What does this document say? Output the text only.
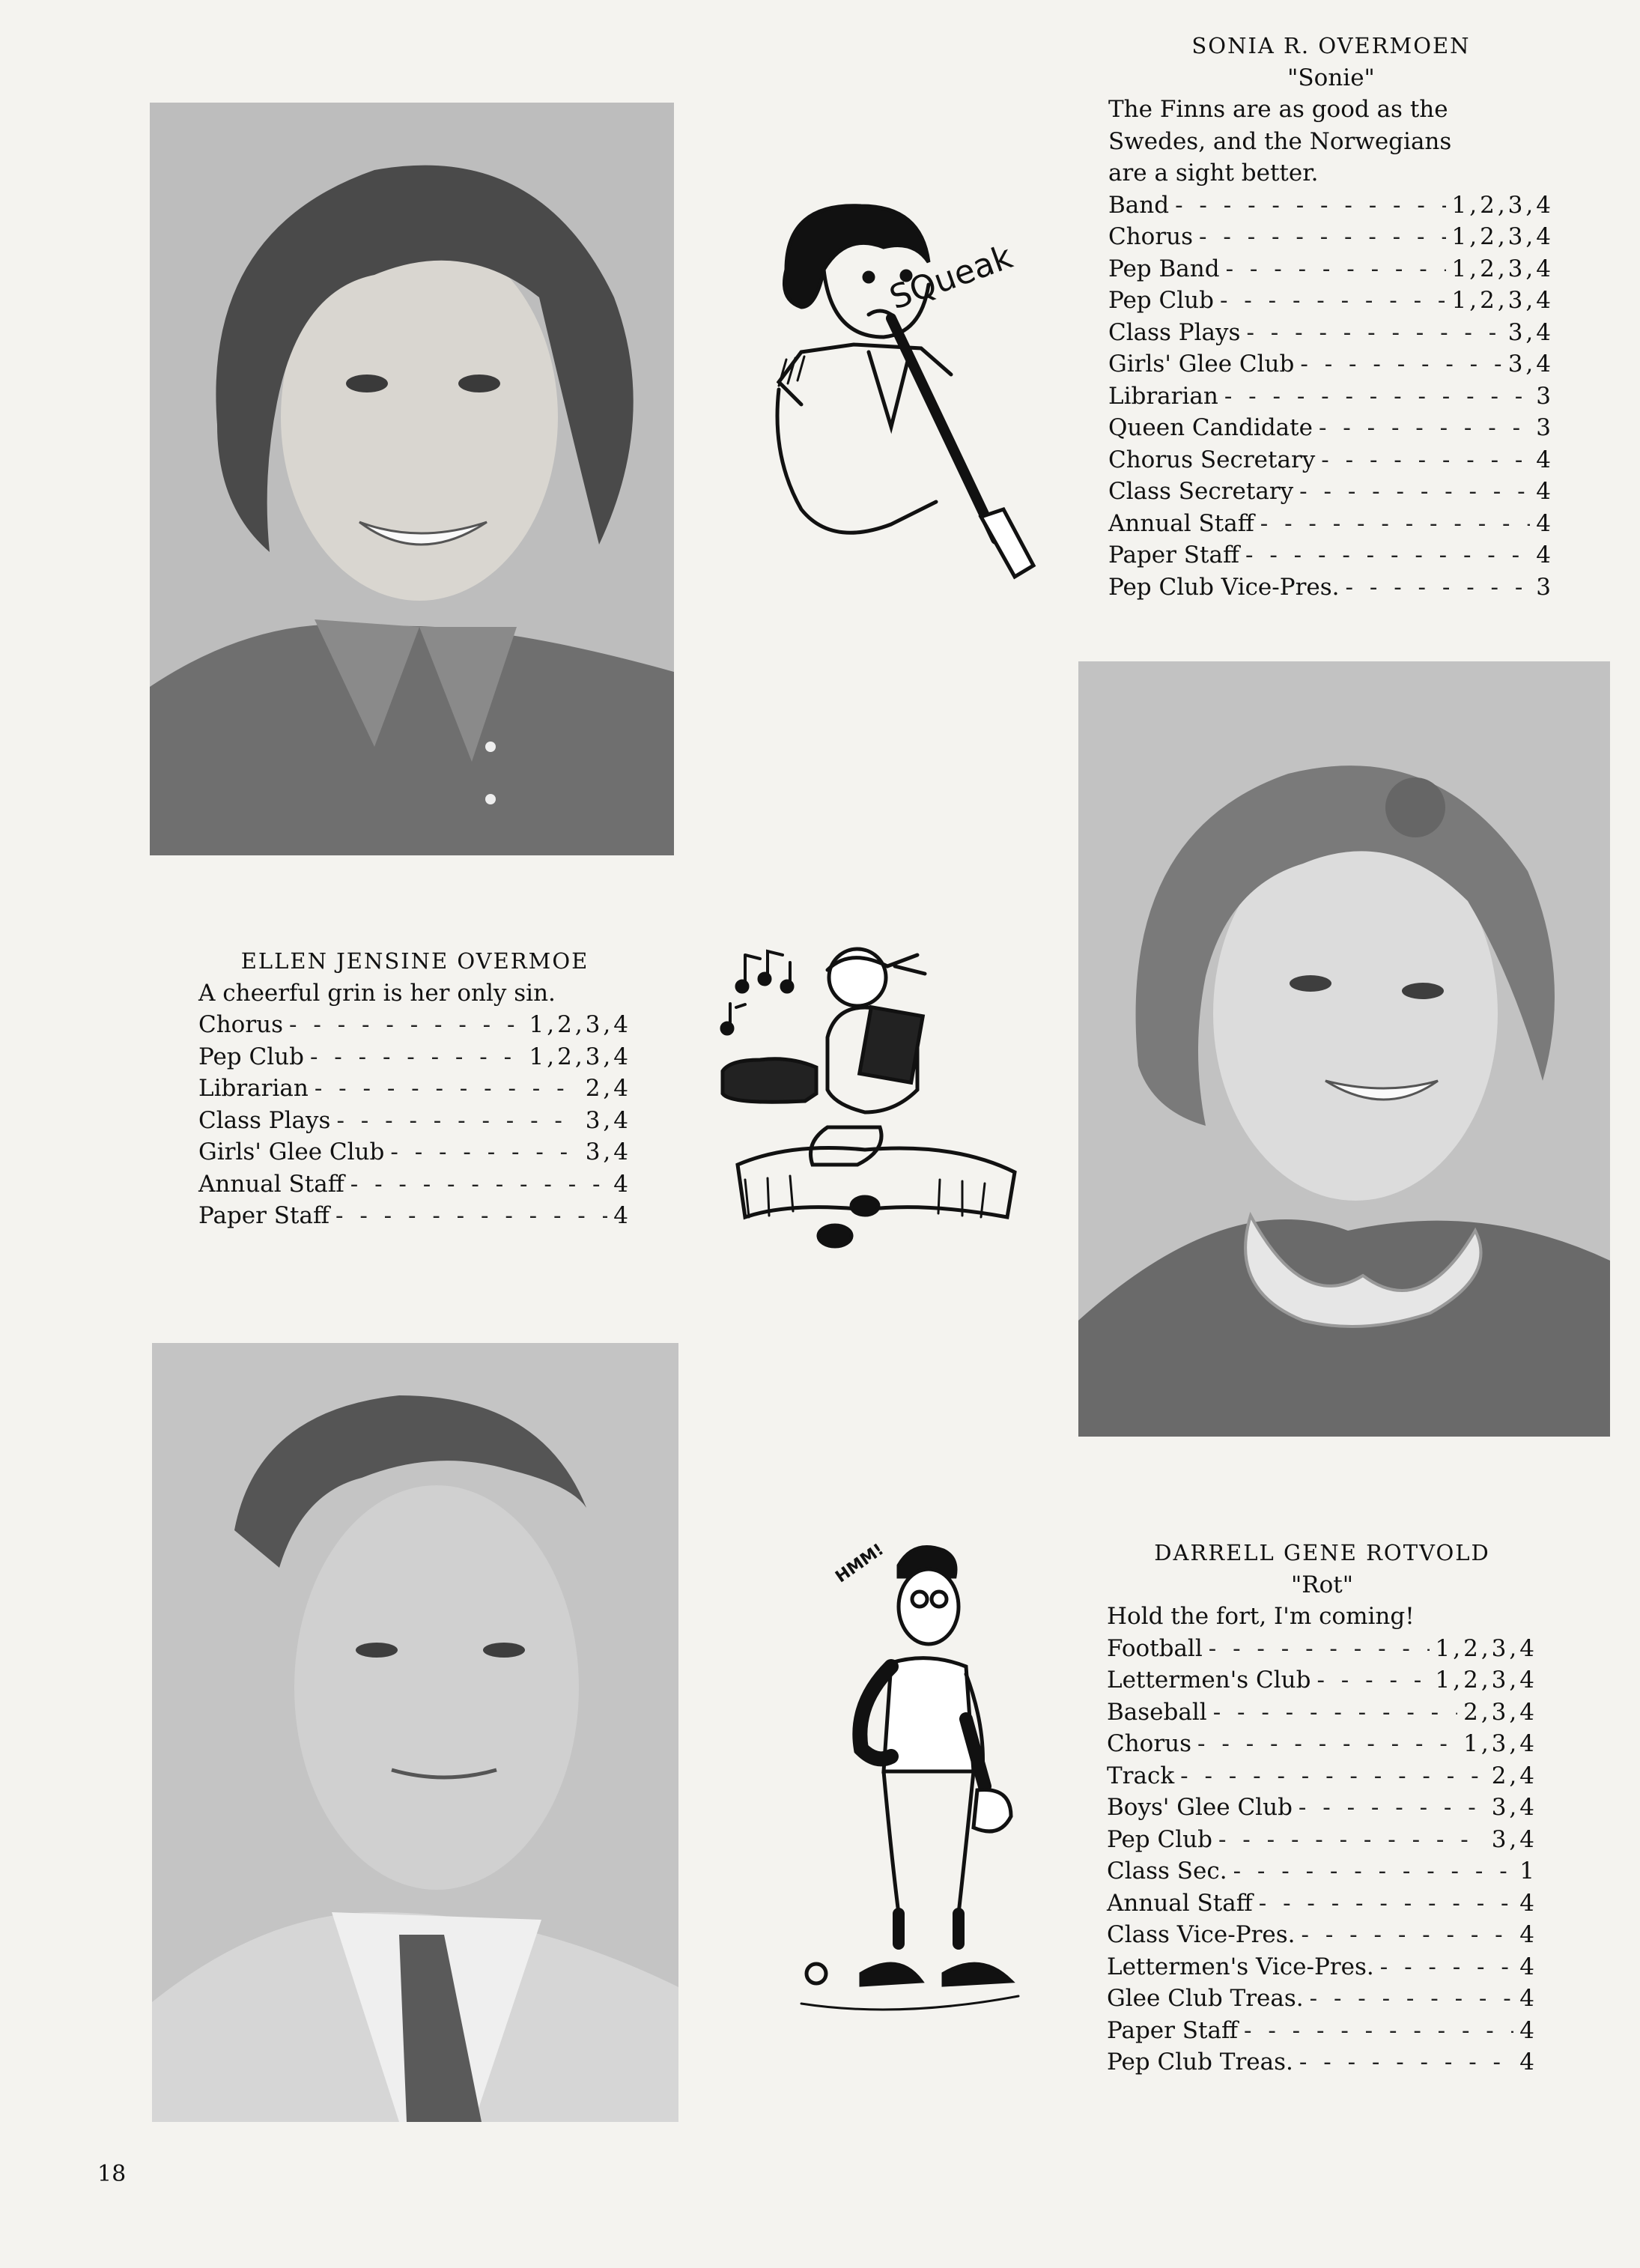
SQueak
SONIA R. OVERMOEN
"Sonie"
The Finns are as good as the
Swedes, and the Norwegians
are a sight better.
Band - - -	1,2,3,4
Chorus - - -	1,2,3,4
Pep Band - - -	1,2,3,4
Pep Club - - -	1,2,3,4
Class Plays - - -	3,4
Girls' Glee Club - - -	3,4
Librarian - - -	3
Queen Candidate - - -	3
Chorus Secretary - - -	4
Class Secretary - - -	4
Annual Staff - - -	4
Paper Staff - - -	4
Pep Club Vice-Pres. - - -	3
ELLEN JENSINE OVERMOE
A cheerful grin is her only sin.
Chorus - - -	1,2,3,4
Pep Club - - -	1,2,3,4
Librarian - - -	2,4
Class Plays - - -	3,4
Girls' Glee Club - - -	3,4
Annual Staff - - -	4
Paper Staff - - -	4
HMM!	DARRELL GENE ROTVOLD
"Rot"
Hold the fort, I'm coming!
Football - - -	1,2,3,4
Lettermen's Club - - -	1,2,3,4
Baseball - - -	2,3,4
Chorus - - -	1,3,4
Track - - -	2,4
Boys' Glee Club - - -	3,4
Pep Club - - -	3,4
Class Sec. - - -	1
Annual Staff - - -	4
Class Vice-Pres. - - -	4
Lettermen's Vice-Pres. - - -	4
Glee Club Treas. - - -	4
Paper Staff - - -	4
Pep Club Treas. - - -	4
18
